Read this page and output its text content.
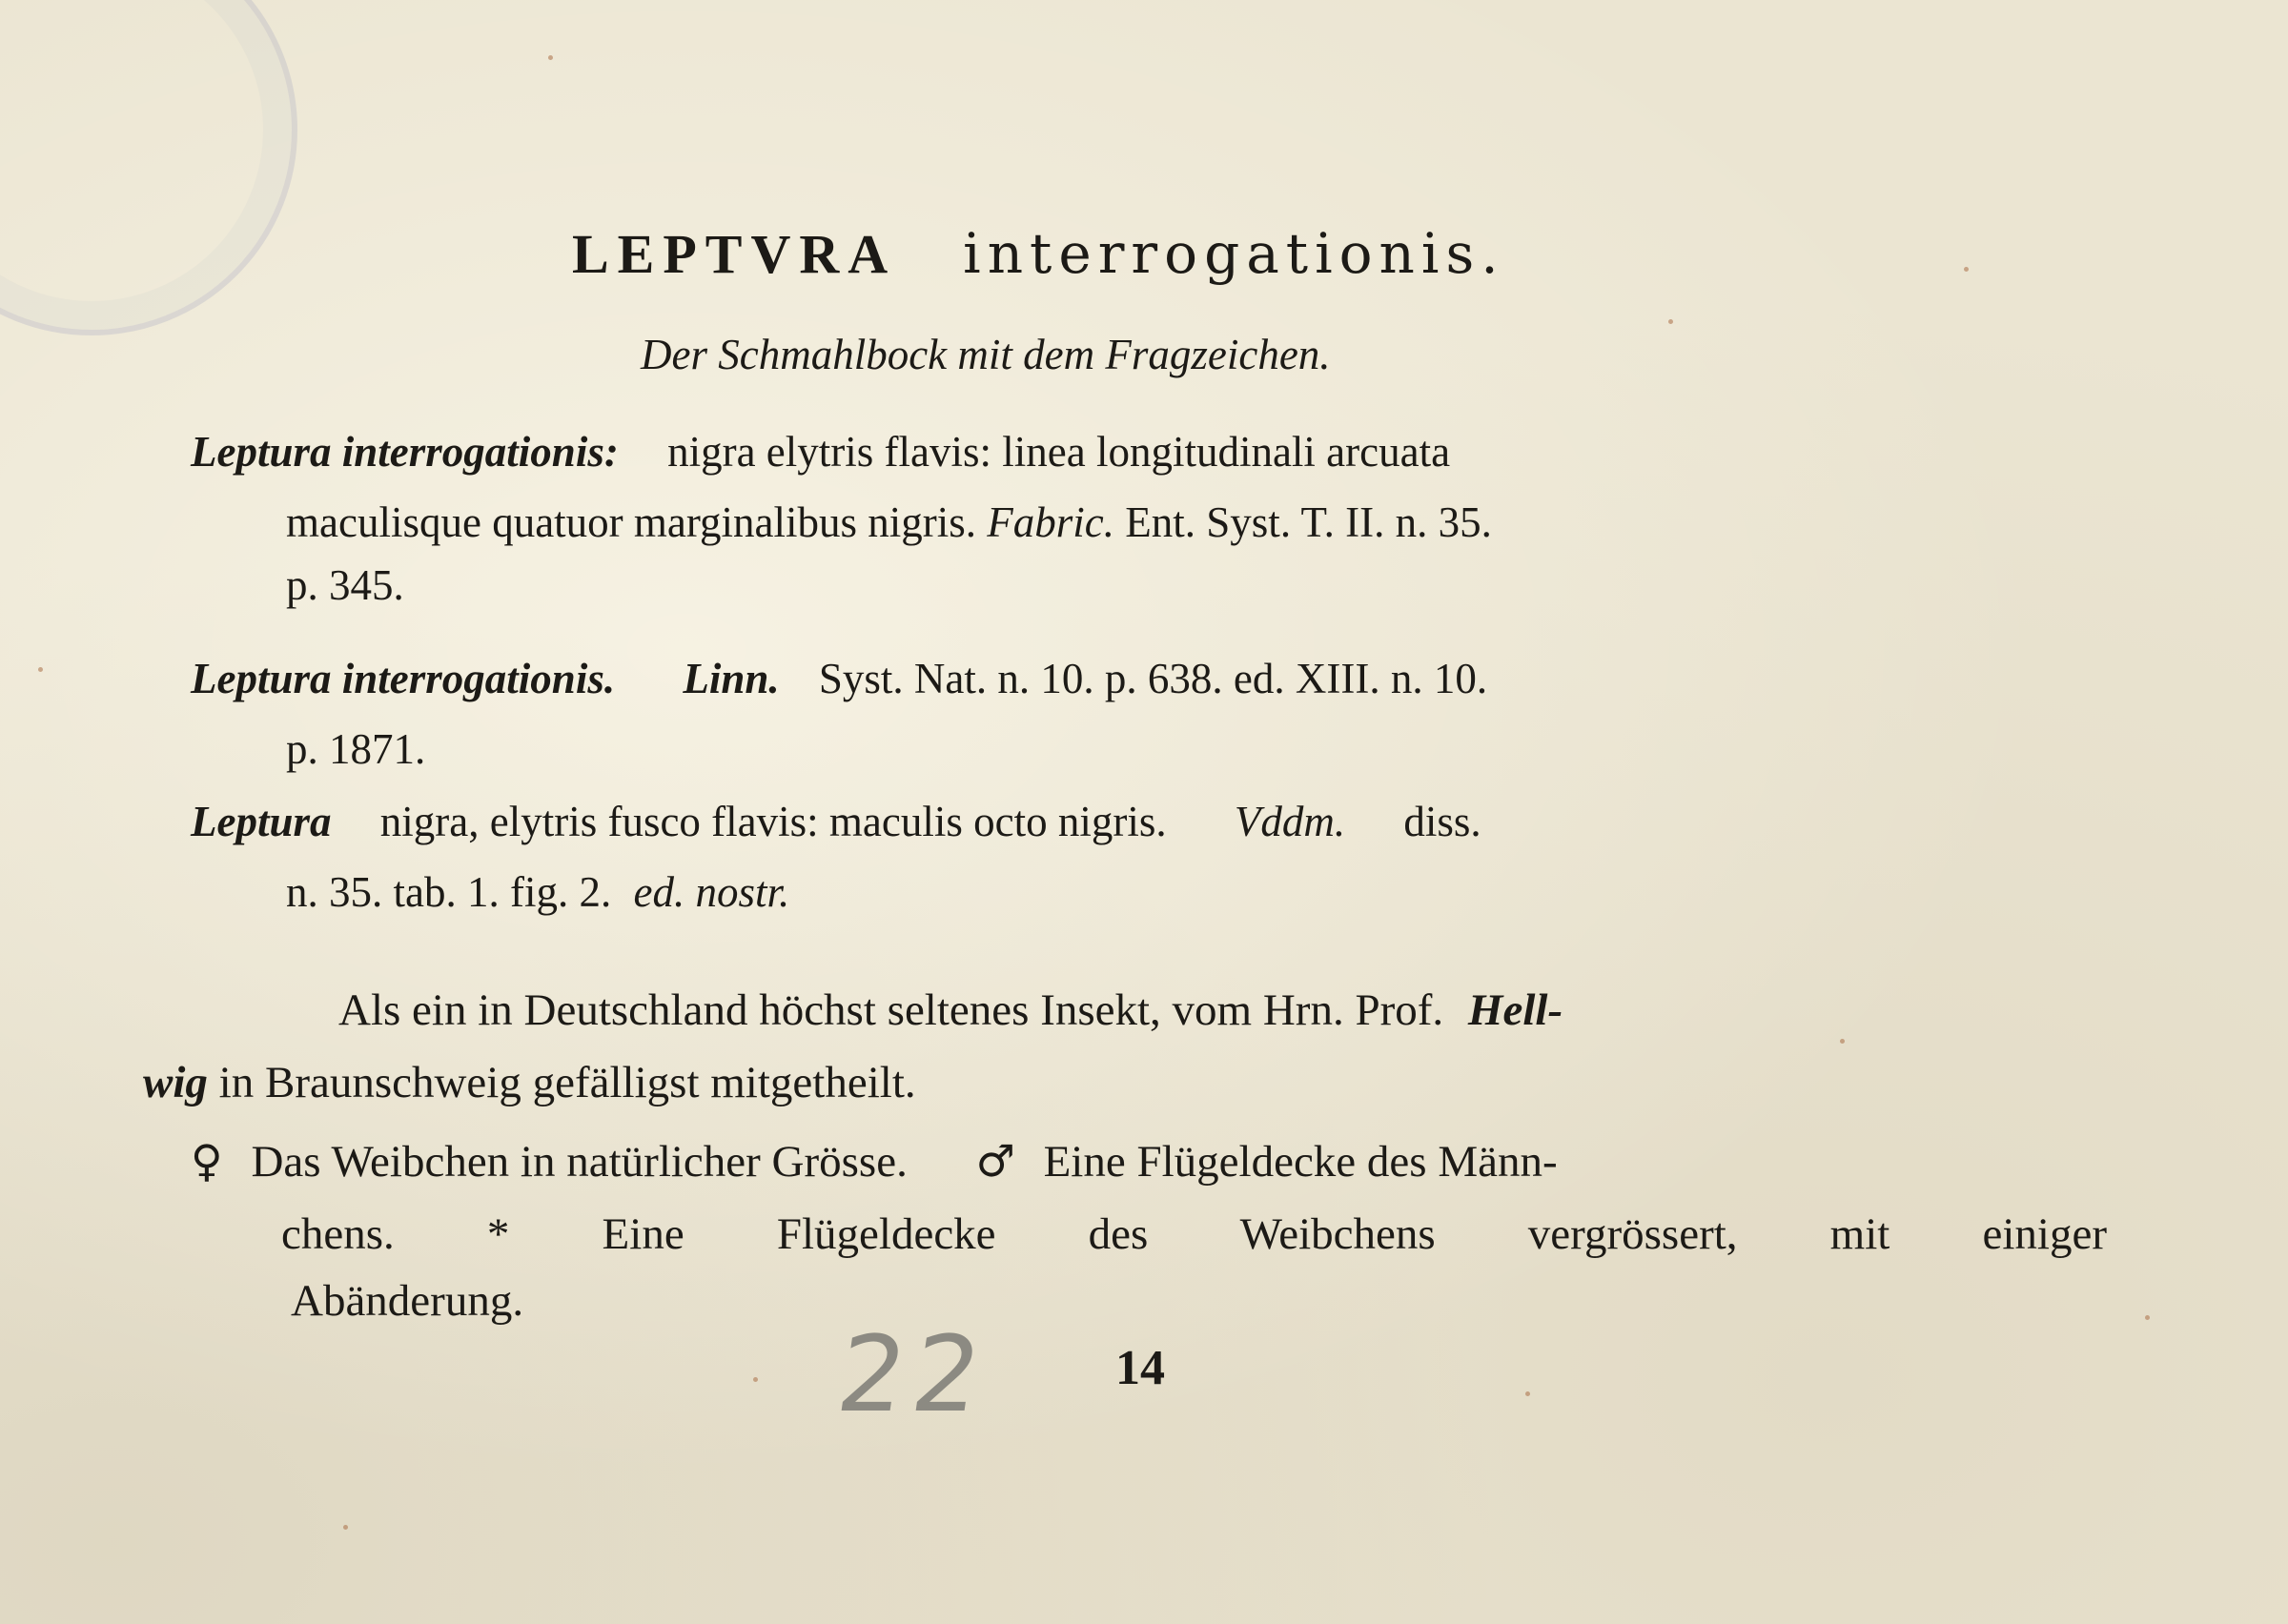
LEPTVRA interrogationis.
Der Schmahlbock mit dem Fragzeichen.
Leptura interrogationis: nigra elytris flavis: linea longitudinali arcuata
maculisque quatuor marginalibus nigris. Fabric. Ent. Syst. T. II. n. 35.
p. 345.
Leptura interrogationis. Linn. Syst. Nat. n. 10. p. 638. ed. XIII. n. 10.
p. 1871.
Leptura nigra, elytris fusco flavis: maculis octo nigris. Vddm. diss.
n. 35. tab. 1. fig. 2. ed. nostr.
Als ein in Deutschland höchst seltenes Insekt, vom Hrn. Prof. Hell-
wig in Braunschweig gefälligst mitgetheilt.
♀ Das Weibchen in natürlicher Grösse. ♂ Eine Flügeldecke des Männ-
chens. * Eine Flügeldecke des Weibchens vergrössert, mit einiger
Abänderung.
22 14
